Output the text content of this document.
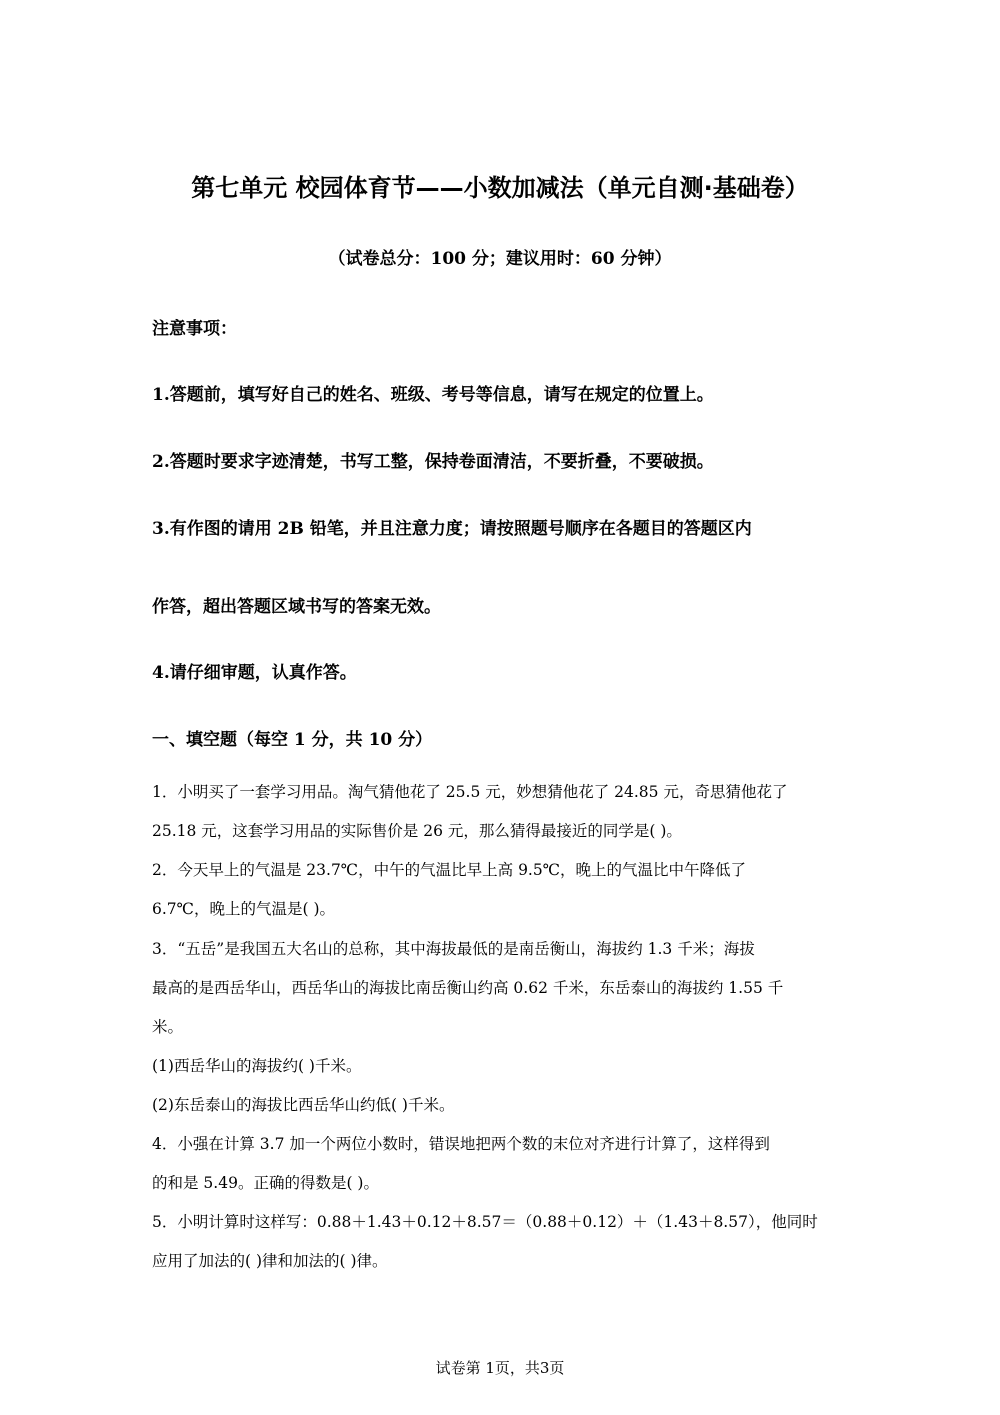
第七单元 校园体育节——小数加减法（单元自测·基础卷）
（试卷总分：100 分；建议用时：60 分钟）
注意事项：
1.答题前，填写好自己的姓名、班级、考号等信息，请写在规定的位置上。
2.答题时要求字迹清楚，书写工整，保持卷面清洁，不要折叠，不要破损。
3.有作图的请用 2B 铅笔，并且注意力度；请按照题号顺序在各题目的答题区内
作答，超出答题区域书写的答案无效。
4.请仔细审题，认真作答。
一、填空题（每空 1 分，共 10 分）
1．小明买了一套学习用品。淘气猜他花了 25.5 元，妙想猜他花了 24.85 元，奇思猜他花了
25.18 元，这套学习用品的实际售价是 26 元，那么猜得最接近的同学是( )。
2．今天早上的气温是 23.7℃，中午的气温比早上高 9.5℃，晚上的气温比中午降低了
6.7℃，晚上的气温是( )。
3．“五岳”是我国五大名山的总称，其中海拔最低的是南岳衡山，海拔约 1.3 千米；海拔
最高的是西岳华山，西岳华山的海拔比南岳衡山约高 0.62 千米，东岳泰山的海拔约 1.55 千
米。
(1)西岳华山的海拔约( )千米。
(2)东岳泰山的海拔比西岳华山约低( )千米。
4．小强在计算 3.7 加一个两位小数时，错误地把两个数的末位对齐进行计算了，这样得到
的和是 5.49。正确的得数是( )。
5．小明计算时这样写：0.88＋1.43＋0.12＋8.57＝（0.88＋0.12）＋（1.43＋8.57），他同时
应用了加法的( )律和加法的( )律。
试卷第 1页，共3页
